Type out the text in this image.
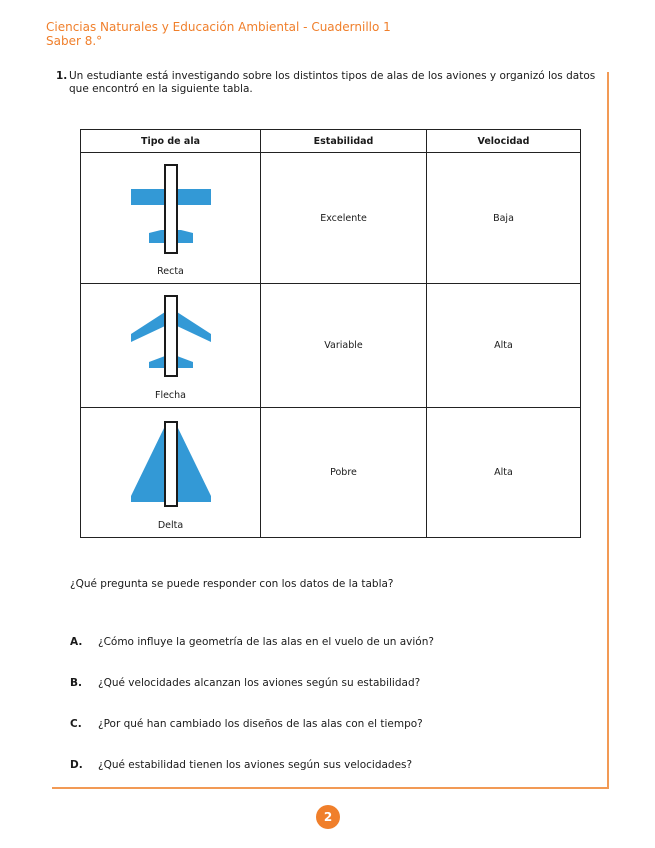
Ciencias Naturales y Educación Ambiental - Cuadernillo 1
Saber 8.°
1. Un estudiante está investigando sobre los distintos tipos de alas de los aviones y organizó los datos que encontró en la siguiente tabla.
Tipo de ala	Estabilidad	Velocidad

Recta	Excelente	Baja

Flecha	Variable	Alta

Delta	Pobre	Alta
¿Qué pregunta se puede responder con los datos de la tabla?
A. ¿Cómo influye la geometría de las alas en el vuelo de un avión?
B. ¿Qué velocidades alcanzan los aviones según su estabilidad?
C. ¿Por qué han cambiado los diseños de las alas con el tiempo?
D. ¿Qué estabilidad tienen los aviones según sus velocidades?
2
